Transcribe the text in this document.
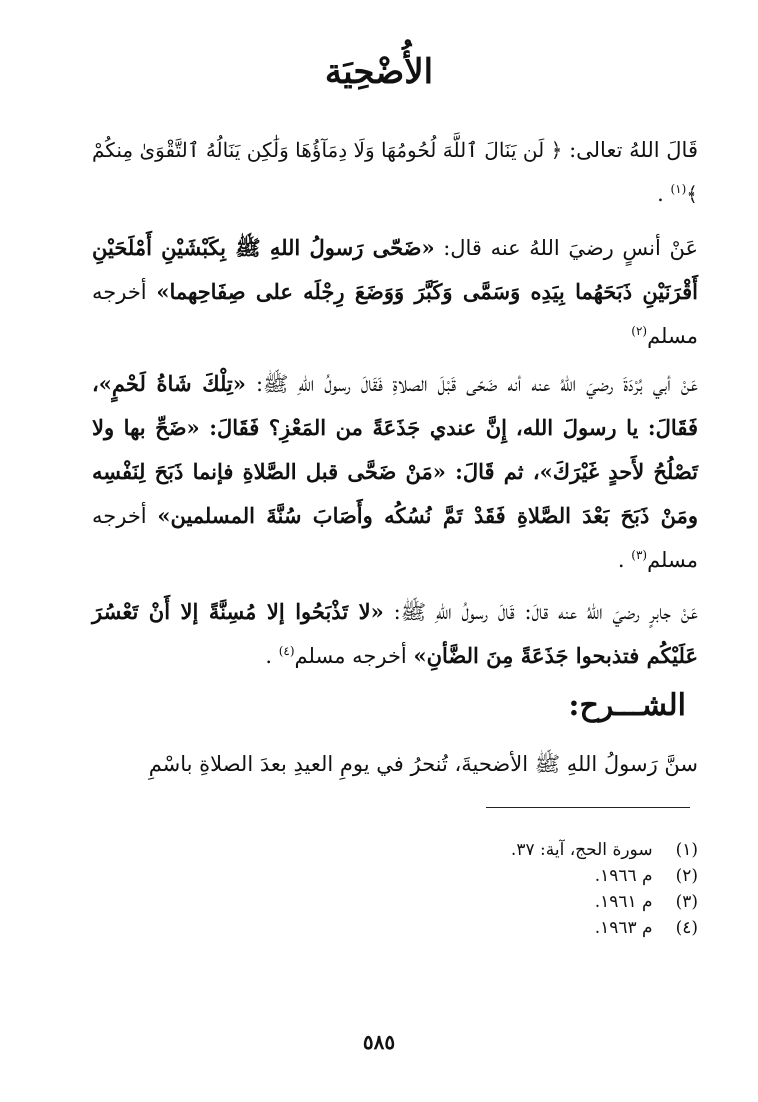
الأُضْحِيَة
قَالَ اللهُ تعالى: ﴿ لَن يَنَالَ ٱللَّهَ لُحُومُهَا وَلَا دِمَآؤُهَا وَلَٰكِن يَنَالُهُ ٱلتَّقْوَىٰ مِنكُمْ ﴾$^{(١)}$ .
عَنْ أنسٍ رضيَ اللهُ عنه قال: «ضَحّى رَسولُ اللهِ ﷺ بِكَبْشَيْنِ أَمْلَحَيْنِ أَقْرَنَيْنِ ذَبَحَهُما بِيَدِه وَسَمَّى وَكَبَّرَ وَوَضَعَ رِجْلَه على صِفَاحِهما» أخرجه مسلم$^{(٢)}$
عَنْ أبي بُرْدَةَ رضيَ اللهُ عنه أنه ضَحّى قَبْلَ الصلاةِ فَقَالَ رسولُ اللهِ ﷺ: «تِلْكَ شَاةُ لَحْمٍ»، فَقَالَ: يا رسولَ الله، إِنَّ عندي جَذَعَةً من المَعْزِ؟ فَقَالَ: «ضَحِّ بها ولا تَصْلُحُ لأَحدٍ غَيْرَكَ»، ثم قَالَ: «مَنْ ضَحَّى قبل الصَّلاةِ فإنما ذَبَحَ لِنَفْسِه ومَنْ ذَبَحَ بَعْدَ الصَّلاةِ فَقَدْ تَمَّ نُسُكُه وأَصَابَ سُنَّةَ المسلمين» أخرجه مسلم$^{(٣)}$ .
عَنْ جابرٍ رضيَ اللهُ عنه قالَ: قَالَ رسولُ اللهِ ﷺ: «لا تَذْبَحُوا إلا مُسِنَّةً إلا أَنْ تَعْسُرَ عَلَيْكُم فتذبحوا جَذَعَةً مِنَ الضَّأنِ» أخرجه مسلم$^{(٤)}$ .
الشـــرح:
سنَّ رَسولُ اللهِ ﷺ الأضحيةَ، تُنحرُ في يومِ العيدِ بعدَ الصلاةِ باسْمِ
(١) سورة الحج، آية: ٣٧.
(٢) م ١٩٦٦.
(٣) م ١٩٦١.
(٤) م ١٩٦٣.
٥٨٥
